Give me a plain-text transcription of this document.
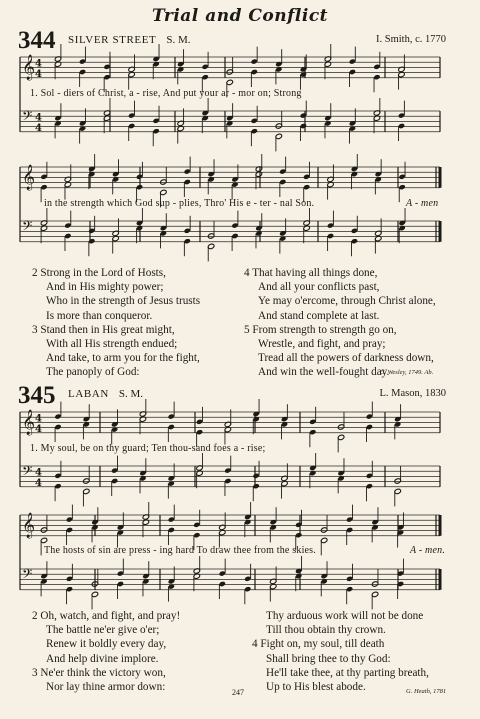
Trial and Conflict
344 SILVER STREET S. M.	I. Smith, c. 1770
𝄞 4
4
𝄢 4
4
1. Sol - diers of Christ, a - rise, And put your ar - mor on; Strong
𝄞
𝄢
in the strength which God sup - plies, Thro' His e - ter - nal Son.	A - men
2 Strong in the Lord of Hosts,
And in His mighty power;
Who in the strength of Jesus trusts
Is more than conqueror.
3 Stand then in His great might,
With all His strength endued;
And take, to arm you for the fight,
The panoply of God:
4 That having all things done,
And all your conflicts past,
Ye may o'ercome, through Christ alone,
And stand complete at last.
5 From strength to strength go on,
Wrestle, and fight, and pray;
Tread all the powers of darkness down,
And win the well-fought day.
C. Wesley, 1749. Ab.
345 LABAN S. M.	L. Mason, 1830
𝄞 4
4
𝄢 4
4
1. My soul, be on thy guard; Ten thou-sand foes a - rise;
𝄞
𝄢
The hosts of sin are press - ing hard To draw thee from the skies.	A - men.
2 Oh, watch, and fight, and pray!
The battle ne'er give o'er;
Renew it boldly every day,
And help divine implore.
3 Ne'er think the victory won,
Nor lay thine armor down:
Thy arduous work will not be done
Till thou obtain thy crown.
4 Fight on, my soul, till death
Shall bring thee to thy God:
He'll take thee, at thy parting breath,
Up to His blest abode.
247	G. Heath, 1781
